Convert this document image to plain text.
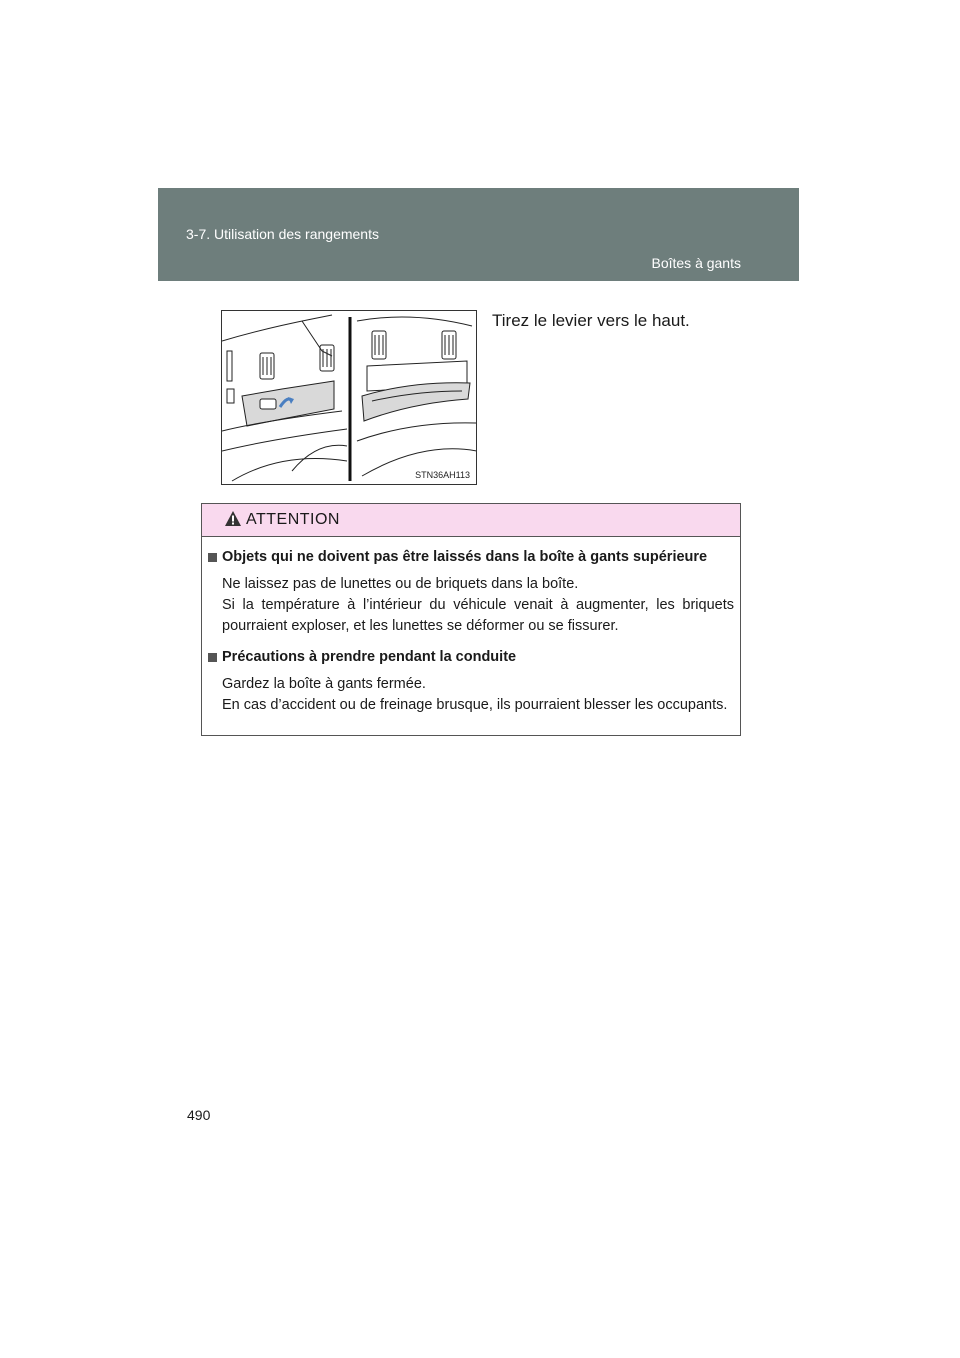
3-7. Utilisation des rangements
Boîtes à gants
STN36AH113
Tirez le levier vers le haut.
ATTENTION
Objets qui ne doivent pas être laissés dans la boîte à gants supérieure

Ne laissez pas de lunettes ou de briquets dans la boîte.

Si la température à l’intérieur du véhicule venait à augmenter, les briquets pourraient exploser, et les lunettes se déformer ou se fissurer.

Précautions à prendre pendant la conduite

Gardez la boîte à gants fermée.

En cas d’accident ou de freinage brusque, ils pourraient blesser les occupants.

490
